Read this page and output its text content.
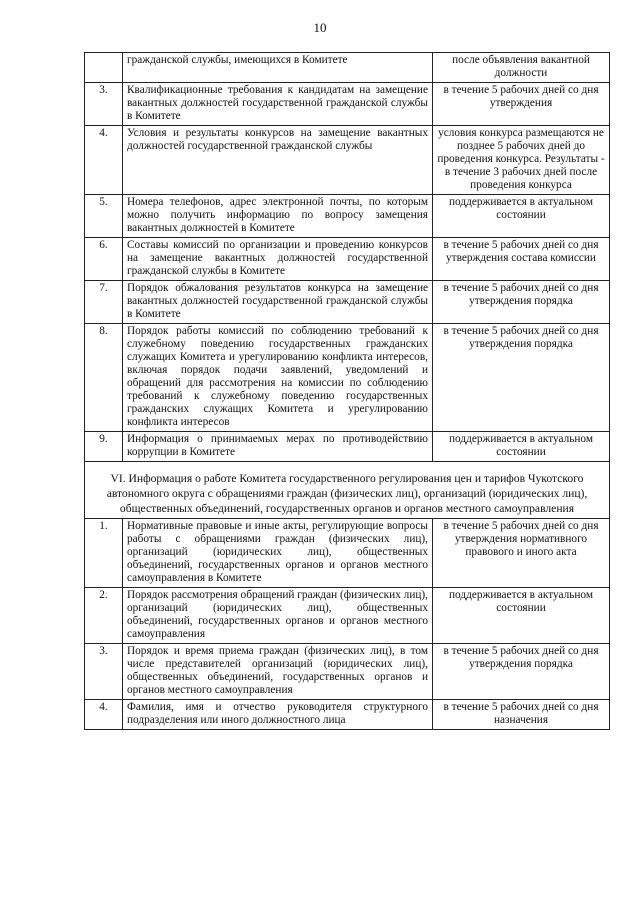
10
	гражданской службы, имеющихся в Комитете	после объявления вакантной должности
3.	Квалификационные требования к кандидатам на замещение вакантных должностей государственной гражданской службы в Комитете	в течение 5 рабочих дней со дня утверждения
4.	Условия и результаты конкурсов на замещение вакантных должностей государственной гражданской службы	условия конкурса размещаются не позднее 5 рабочих дней до проведения конкурса. Результаты - в течение 3 рабочих дней после проведения конкурса
5.	Номера телефонов, адрес электронной почты, по которым можно получить информацию по вопросу замещения вакантных должностей в Комитете	поддерживается в актуальном состоянии
6.	Составы комиссий по организации и проведению конкурсов на замещение вакантных должностей государственной гражданской службы в Комитете	в течение 5 рабочих дней со дня утверждения состава комиссии
7.	Порядок обжалования результатов конкурса на замещение вакантных должностей государственной гражданской службы в Комитете	в течение 5 рабочих дней со дня утверждения порядка
8.	Порядок работы комиссий по соблюдению требований к служебному поведению государственных гражданских служащих Комитета и урегулированию конфликта интересов, включая порядок подачи заявлений, уведомлений и обращений для рассмотрения на комиссии по соблюдению требований к служебному поведению государственных гражданских служащих Комитета и урегулированию конфликта интересов	в течение 5 рабочих дней со дня утверждения порядка
9.	Информация о принимаемых мерах по противодействию коррупции в Комитете	поддерживается в актуальном состоянии

VI. Информация о работе Комитета государственного регулирования цен и тарифов Чукотского автономного округа с обращениями граждан (физических лиц), организаций (юридических лиц), общественных объединений, государственных органов и органов местного самоуправления		
1.	Нормативные правовые и иные акты, регулирующие вопросы работы с обращениями граждан (физических лиц), организаций (юридических лиц), общественных объединений, государственных органов и органов местного самоуправления в Комитете	в течение 5 рабочих дней со дня утверждения нормативного правового и иного акта
2.	Порядок рассмотрения обращений граждан (физических лиц), организаций (юридических лиц), общественных объединений, государственных органов и органов местного самоуправления	поддерживается в актуальном состоянии
3.	Порядок и время приема граждан (физических лиц), в том числе представителей организаций (юридических лиц), общественных объединений, государственных органов и органов местного самоуправления	в течение 5 рабочих дней со дня утверждения порядка
4.	Фамилия, имя и отчество руководителя структурного подразделения или иного должностного лица	в течение 5 рабочих дней со дня назначения
